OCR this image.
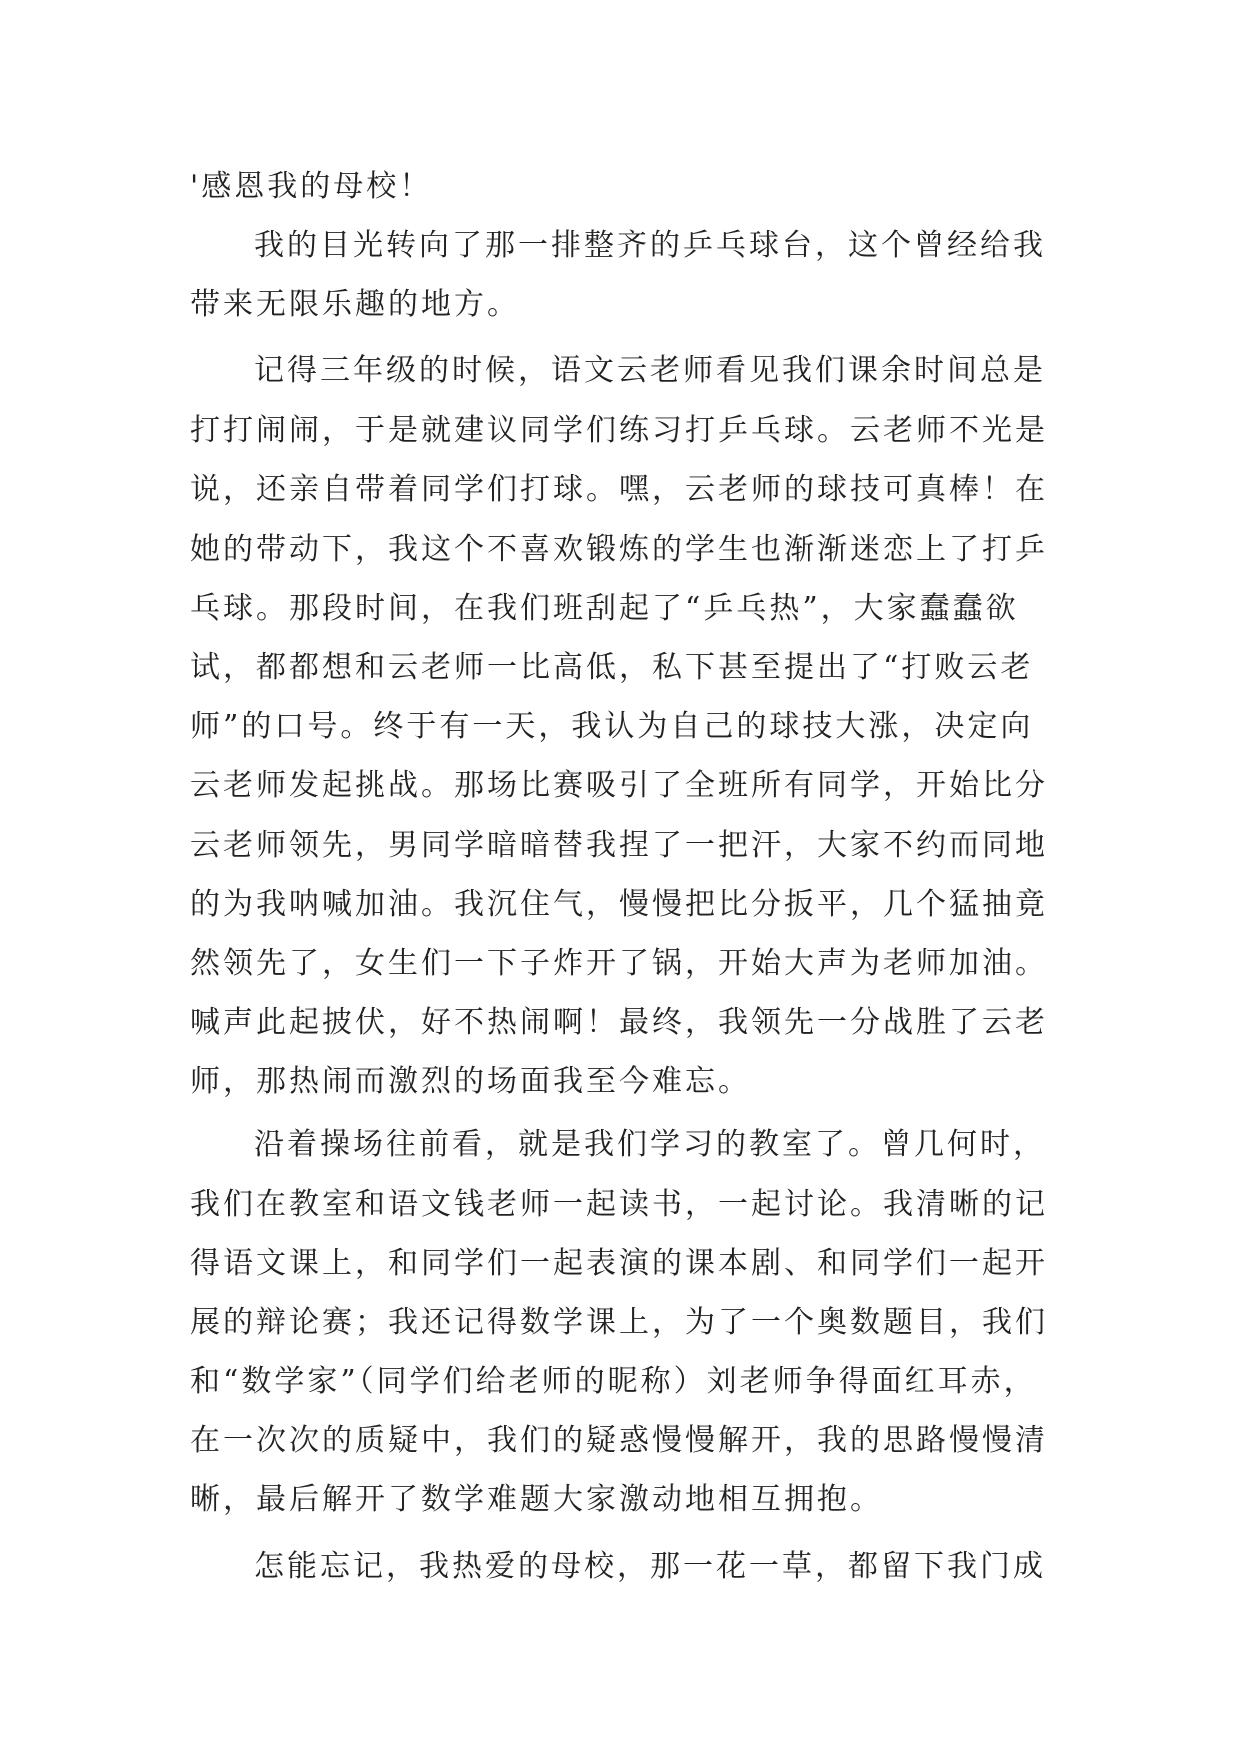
'感恩我的母校！
我的目光转向了那一排整齐的乒乓球台，这个曾经给我
带来无限乐趣的地方。
记得三年级的时候，语文云老师看见我们课余时间总是
打打闹闹，于是就建议同学们练习打乒乓球。云老师不光是
说，还亲自带着同学们打球。嘿，云老师的球技可真棒！在
她的带动下，我这个不喜欢锻炼的学生也渐渐迷恋上了打乒
乓球。那段时间，在我们班刮起了“乒乓热”，大家蠢蠢欲
试，都都想和云老师一比高低，私下甚至提出了“打败云老
师”的口号。终于有一天，我认为自己的球技大涨，决定向
云老师发起挑战。那场比赛吸引了全班所有同学，开始比分
云老师领先，男同学暗暗替我捏了一把汗，大家不约而同地
的为我呐喊加油。我沉住气，慢慢把比分扳平，几个猛抽竟
然领先了，女生们一下子炸开了锅，开始大声为老师加油。
喊声此起披伏，好不热闹啊！最终，我领先一分战胜了云老
师，那热闹而激烈的场面我至今难忘。
沿着操场往前看，就是我们学习的教室了。曾几何时，
我们在教室和语文钱老师一起读书，一起讨论。我清晰的记
得语文课上，和同学们一起表演的课本剧、和同学们一起开
展的辩论赛；我还记得数学课上，为了一个奥数题目，我们
和“数学家”（同学们给老师的昵称）刘老师争得面红耳赤，
在一次次的质疑中，我们的疑惑慢慢解开，我的思路慢慢清
晰，最后解开了数学难题大家激动地相互拥抱。
怎能忘记，我热爱的母校，那一花一草，都留下我门成
